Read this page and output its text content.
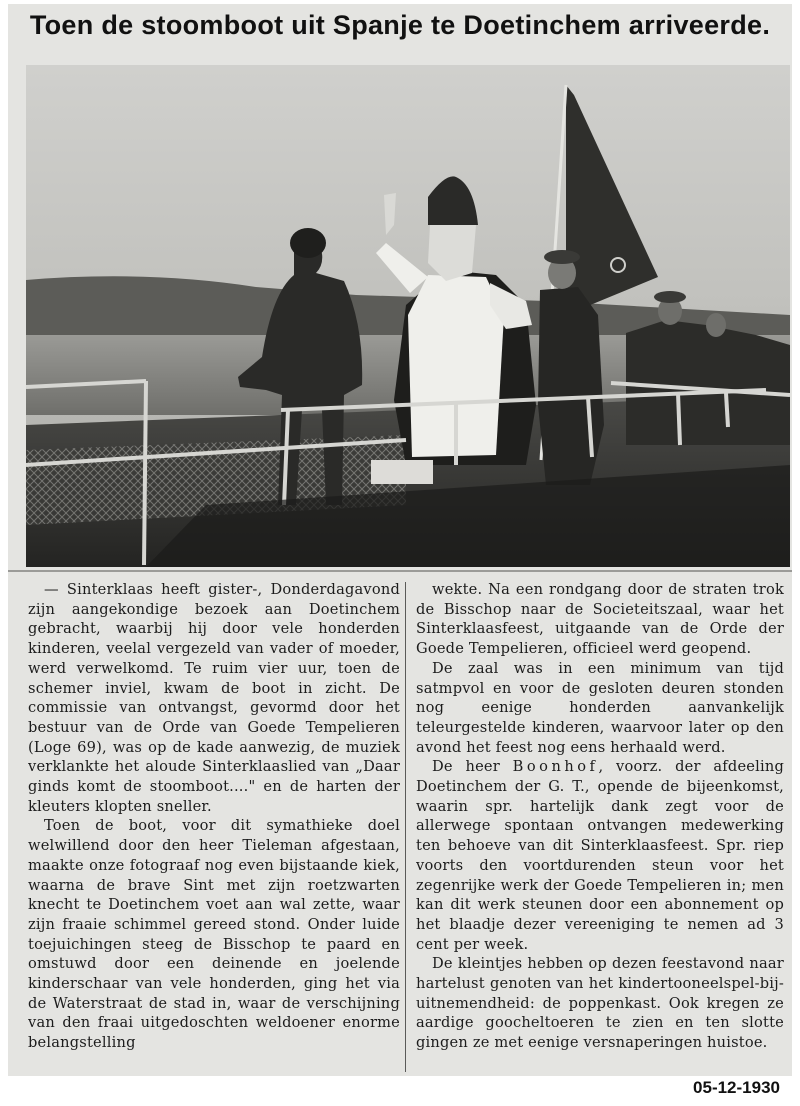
Toen de stoomboot uit Spanje te Doetinchem arriveerde.

— Sinterklaas heeft gister-, Donderdagavond zijn aangekondige bezoek aan Doetinchem gebracht, waarbij hij door vele honderden kinderen, veelal vergezeld van vader of moeder, werd verwelkomd. Te ruim vier uur, toen de schemer inviel, kwam de boot in zicht. De commissie van ontvangst, gevormd door het bestuur van de Orde van Goede Tempelieren (Loge 69), was op de kade aanwezig, de muziek verklankte het aloude Sinterklaaslied van „Daar ginds komt de stoomboot...." en de harten der kleuters klopten sneller.

Toen de boot, voor dit symathieke doel welwillend door den heer Tieleman afgestaan, maakte onze fotograaf nog even bijstaande kiek, waarna de brave Sint met zijn roetzwarten knecht te Doetinchem voet aan wal zette, waar zijn fraaie schimmel gereed stond. Onder luide toejuichingen steeg de Bisschop te paard en omstuwd door een deinende en joelende kinderschaar van vele honderden, ging het via de Waterstraat de stad in, waar de verschijning van den fraai uitgedoschten weldoener enorme belangstelling

wekte. Na een rondgang door de straten trok de Bisschop naar de Societeitszaal, waar het Sinterklaasfeest, uitgaande van de Orde der Goede Tempelieren, officieel werd geopend.

De zaal was in een minimum van tijd satmpvol en voor de gesloten deuren stonden nog eenige honderden aanvankelijk teleurgestelde kinderen, waarvoor later op den avond het feest nog eens herhaald werd.

De heer Boonhof, voorz. der afdeeling Doetinchem der G. T., opende de bijeenkomst, waarin spr. hartelijk dank zegt voor de allerwege spontaan ontvangen medewerking ten behoeve van dit Sinterklaasfeest. Spr. riep voorts den voortdurenden steun voor het zegenrijke werk der Goede Tempelieren in; men kan dit werk steunen door een abonnement op het blaadje dezer vereeniging te nemen ad 3 cent per week.

De kleintjes hebben op dezen feestavond naar hartelust genoten van het kindertooneelspel-bij-uitnemendheid: de poppenkast. Ook kregen ze aardige goocheltoeren te zien en ten slotte gingen ze met eenige versnaperingen huistoe.

05-12-1930
